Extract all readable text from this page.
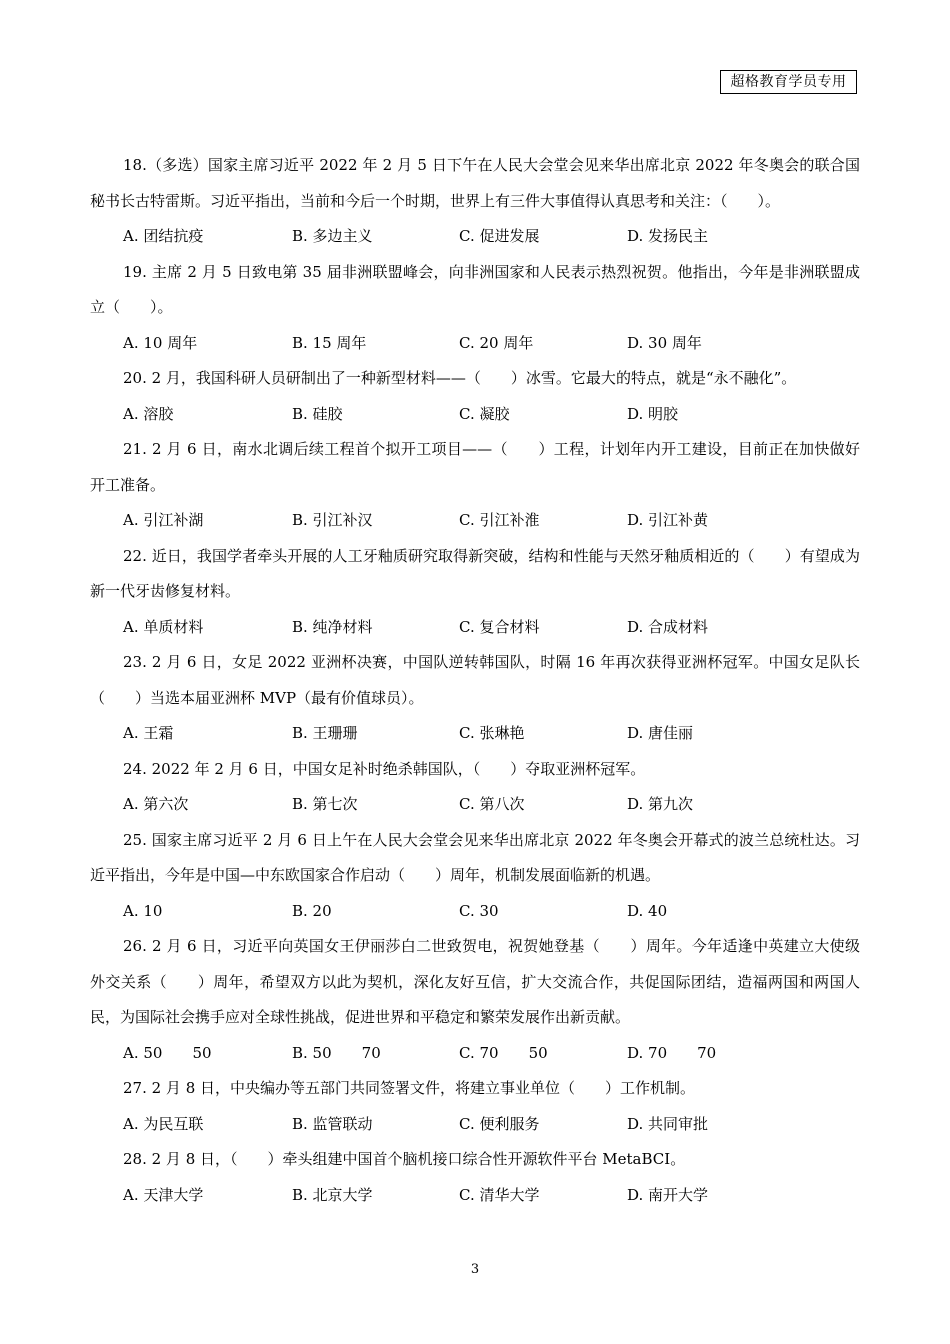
超格教育学员专用

18.（多选）国家主席习近平 2022 年 2 月 5 日下午在人民大会堂会见来华出席北京 2022 年冬奥会的联合国秘书长古特雷斯。习近平指出，当前和今后一个时期，世界上有三件大事值得认真思考和关注：（　　）。

A. 团结抗疫	B. 多边主义	C. 促进发展	D. 发扬民主

19. 主席 2 月 5 日致电第 35 届非洲联盟峰会，向非洲国家和人民表示热烈祝贺。他指出，今年是非洲联盟成立（　　）。

A. 10 周年	B. 15 周年	C. 20 周年	D. 30 周年

20. 2 月，我国科研人员研制出了一种新型材料——（　　）冰雪。它最大的特点，就是“永不融化”。

A. 溶胶	B. 硅胶	C. 凝胶	D. 明胶

21. 2 月 6 日，南水北调后续工程首个拟开工项目——（　　）工程，计划年内开工建设，目前正在加快做好开工准备。

A. 引江补湖	B. 引江补汉	C. 引江补淮	D. 引江补黄

22. 近日，我国学者牵头开展的人工牙釉质研究取得新突破，结构和性能与天然牙釉质相近的（　　）有望成为新一代牙齿修复材料。

A. 单质材料	B. 纯净材料	C. 复合材料	D. 合成材料

23. 2 月 6 日，女足 2022 亚洲杯决赛，中国队逆转韩国队，时隔 16 年再次获得亚洲杯冠军。中国女足队长（　　）当选本届亚洲杯 MVP（最有价值球员）。

A. 王霜	B. 王珊珊	C. 张琳艳	D. 唐佳丽

24. 2022 年 2 月 6 日，中国女足补时绝杀韩国队，（　　）夺取亚洲杯冠军。

A. 第六次	B. 第七次	C. 第八次	D. 第九次

25. 国家主席习近平 2 月 6 日上午在人民大会堂会见来华出席北京 2022 年冬奥会开幕式的波兰总统杜达。习近平指出，今年是中国—中东欧国家合作启动（　　）周年，机制发展面临新的机遇。

A. 10	B. 20	C. 30	D. 40

26. 2 月 6 日，习近平向英国女王伊丽莎白二世致贺电，祝贺她登基（　　）周年。今年适逢中英建立大使级外交关系（　　）周年，希望双方以此为契机，深化友好互信，扩大交流合作，共促国际团结，造福两国和两国人民，为国际社会携手应对全球性挑战，促进世界和平稳定和繁荣发展作出新贡献。

A. 50　　50	B. 50　　70	C. 70　　50	D. 70　　70

27. 2 月 8 日，中央编办等五部门共同签署文件，将建立事业单位（　　）工作机制。

A. 为民互联	B. 监管联动	C. 便利服务	D. 共同审批

28. 2 月 8 日，（　　）牵头组建中国首个脑机接口综合性开源软件平台 MetaBCI。

A. 天津大学	B. 北京大学	C. 清华大学	D. 南开大学
3
